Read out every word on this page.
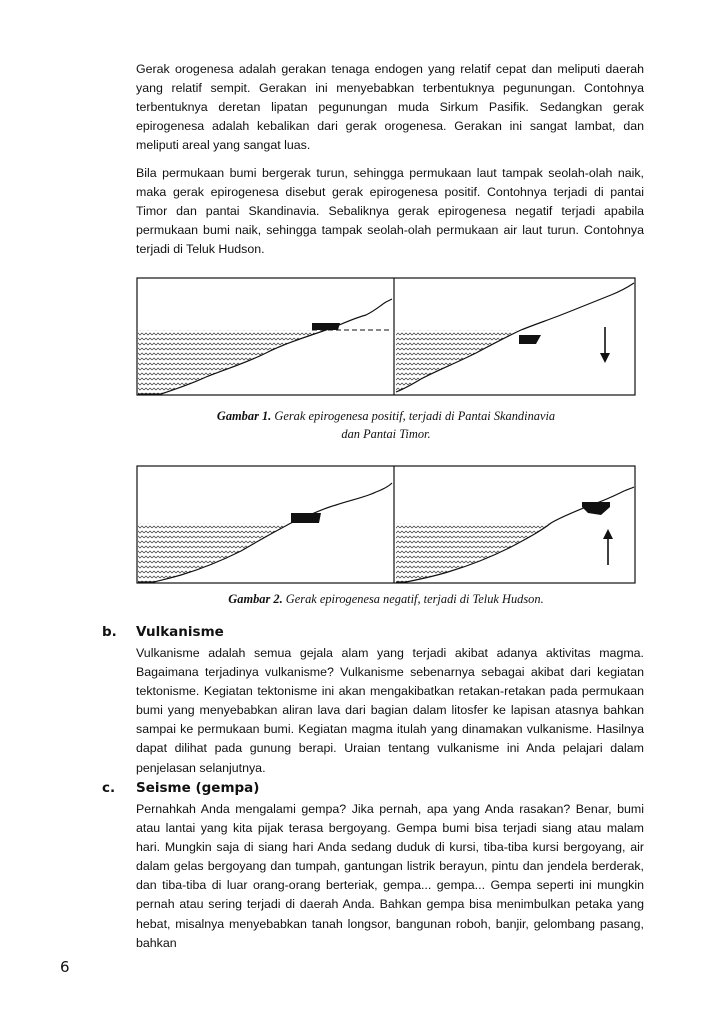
Gerak orogenesa adalah gerakan tenaga endogen yang relatif cepat dan meliputi daerah yang relatif sempit. Gerakan ini menyebabkan terbentuknya pegunungan. Contohnya terbentuknya deretan lipatan pegunungan muda Sirkum Pasifik. Sedangkan gerak epirogenesa adalah kebalikan dari gerak orogenesa. Gerakan ini sangat lambat, dan meliputi areal yang sangat luas.

Bila permukaan bumi bergerak turun, sehingga permukaan laut tampak seolah-olah naik, maka gerak epirogenesa disebut gerak epirogenesa positif. Contohnya terjadi di pantai Timor dan pantai Skandinavia. Sebaliknya gerak epirogenesa negatif terjadi apabila permukaan bumi naik, sehingga tampak seolah-olah permukaan air laut turun. Contohnya terjadi di Teluk Hudson.

Gambar 1. Gerak epirogenesa positif, terjadi di Pantai Skandinavia
dan Pantai Timor.

Gambar 2. Gerak epirogenesa negatif, terjadi di Teluk Hudson.

b. Vulkanisme

Vulkanisme adalah semua gejala alam yang terjadi akibat adanya aktivitas magma. Bagaimana terjadinya vulkanisme? Vulkanisme sebenarnya sebagai akibat dari kegiatan tektonisme. Kegiatan tektonisme ini akan mengakibatkan retakan-retakan pada permukaan bumi yang menyebabkan aliran lava dari bagian dalam litosfer ke lapisan atasnya bahkan sampai ke permukaan bumi. Kegiatan magma itulah yang dinamakan vulkanisme. Hasilnya dapat dilihat pada gunung berapi. Uraian tentang vulkanisme ini Anda pelajari dalam penjelasan selanjutnya.

c. Seisme (gempa)

Pernahkah Anda mengalami gempa? Jika pernah, apa yang Anda rasakan? Benar, bumi atau lantai yang kita pijak terasa bergoyang. Gempa bumi bisa terjadi siang atau malam hari. Mungkin saja di siang hari Anda sedang duduk di kursi, tiba-tiba kursi bergoyang, air dalam gelas bergoyang dan tumpah, gantungan listrik berayun, pintu dan jendela berderak, dan tiba-tiba di luar orang-orang berteriak, gempa... gempa... Gempa seperti ini mungkin pernah atau sering terjadi di daerah Anda. Bahkan gempa bisa menimbulkan petaka yang hebat, misalnya menyebabkan tanah longsor, bangunan roboh, banjir, gelombang pasang, bahkan

6
